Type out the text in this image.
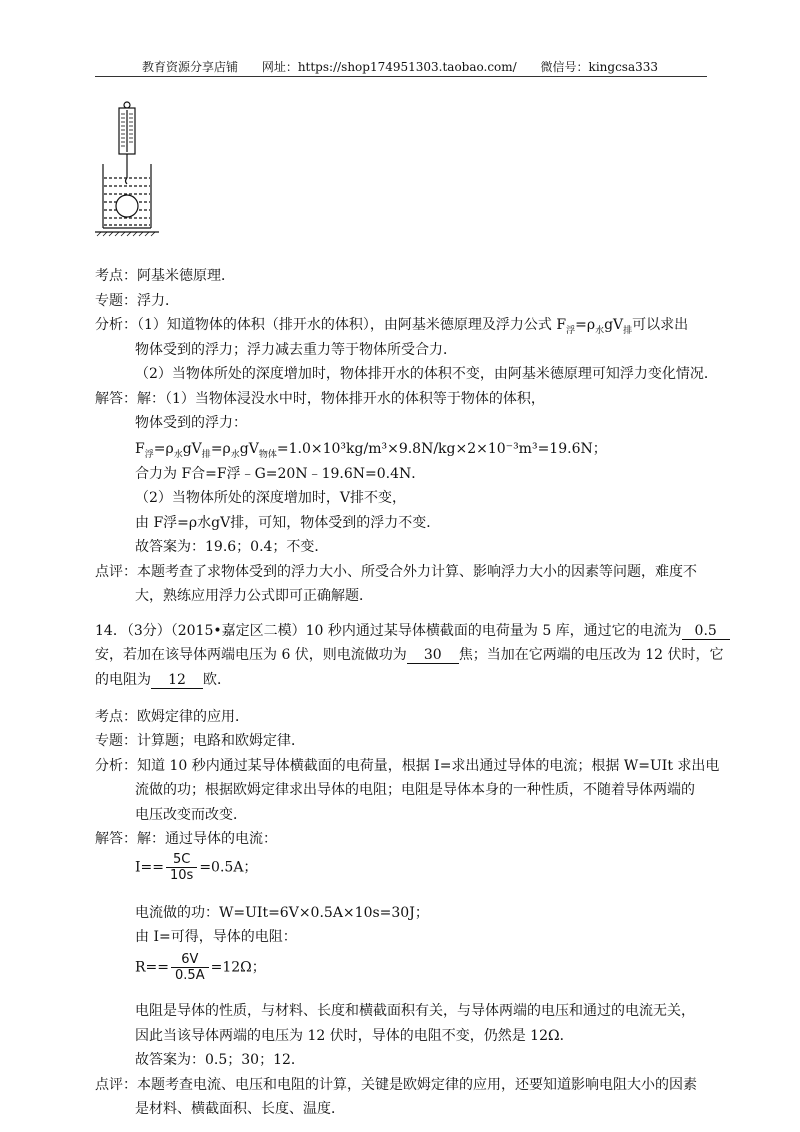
教育资源分享店铺 网址：https://shop174951303.taobao.com/ 微信号：kingcsa333
考点：阿基米德原理．
专题：浮力．
分析：（1）知道物体的体积（排开水的体积），由阿基米德原理及浮力公式 $F_浮=\rho_水gV_排$可以求出
物体受到的浮力；浮力减去重力等于物体所受合力．
（2）当物体所处的深度增加时，物体排开水的体积不变，由阿基米德原理可知浮力变化情况．
解答：解：（1）当物体浸没水中时，物体排开水的体积等于物体的体积，
物体受到的浮力：
$F_浮=\rho_水gV_排=\rho_水gV_{物体}=1.0\times 10^3kg/m^3\times 9.8N/kg\times 2\times 10^{-3}m^3=19.6N$；
合力为 F合=F浮﹣G=20N﹣19.6N=0.4N．
（2）当物体所处的深度增加时，V排不变，
由 F浮=ρ水gV排，可知，物体受到的浮力不变．
故答案为：19.6；0.4；不变．
点评：本题考查了求物体受到的浮力大小、所受合外力计算、影响浮力大小的因素等问题，难度不
大，熟练应用浮力公式即可正确解题．
14．（3分）（2015•嘉定区二模）10 秒内通过某导体横截面的电荷量为 5 库，通过它的电流为 0.5
安，若加在该导体两端电压为 6 伏，则电流做功为 30 焦；当加在它两端的电压改为 12 伏时，它
的电阻为 12 欧．
考点：欧姆定律的应用．
专题：计算题；电路和欧姆定律．
分析：知道 10 秒内通过某导体横截面的电荷量，根据 I=求出通过导体的电流；根据 W=UIt 求出电
流做的功；根据欧姆定律求出导体的电阻；电阻是导体本身的一种性质，不随着导体两端的
电压改变而改变．
解答：解：通过导体的电流：
$I== \frac{5C}{10s} =0.5A$；
电流做的功：W=UIt=6V×0.5A×10s=30J；
由 I=可得，导体的电阻：
$R== \frac{6V}{0.5A} =12\Omega$；
电阻是导体的性质，与材料、长度和横截面积有关，与导体两端的电压和通过的电流无关，
因此当该导体两端的电压为 12 伏时，导体的电阻不变，仍然是 12Ω．
故答案为：0.5；30；12．
点评：本题考查电流、电压和电阻的计算，关键是欧姆定律的应用，还要知道影响电阻大小的因素
是材料、横截面积、长度、温度．
